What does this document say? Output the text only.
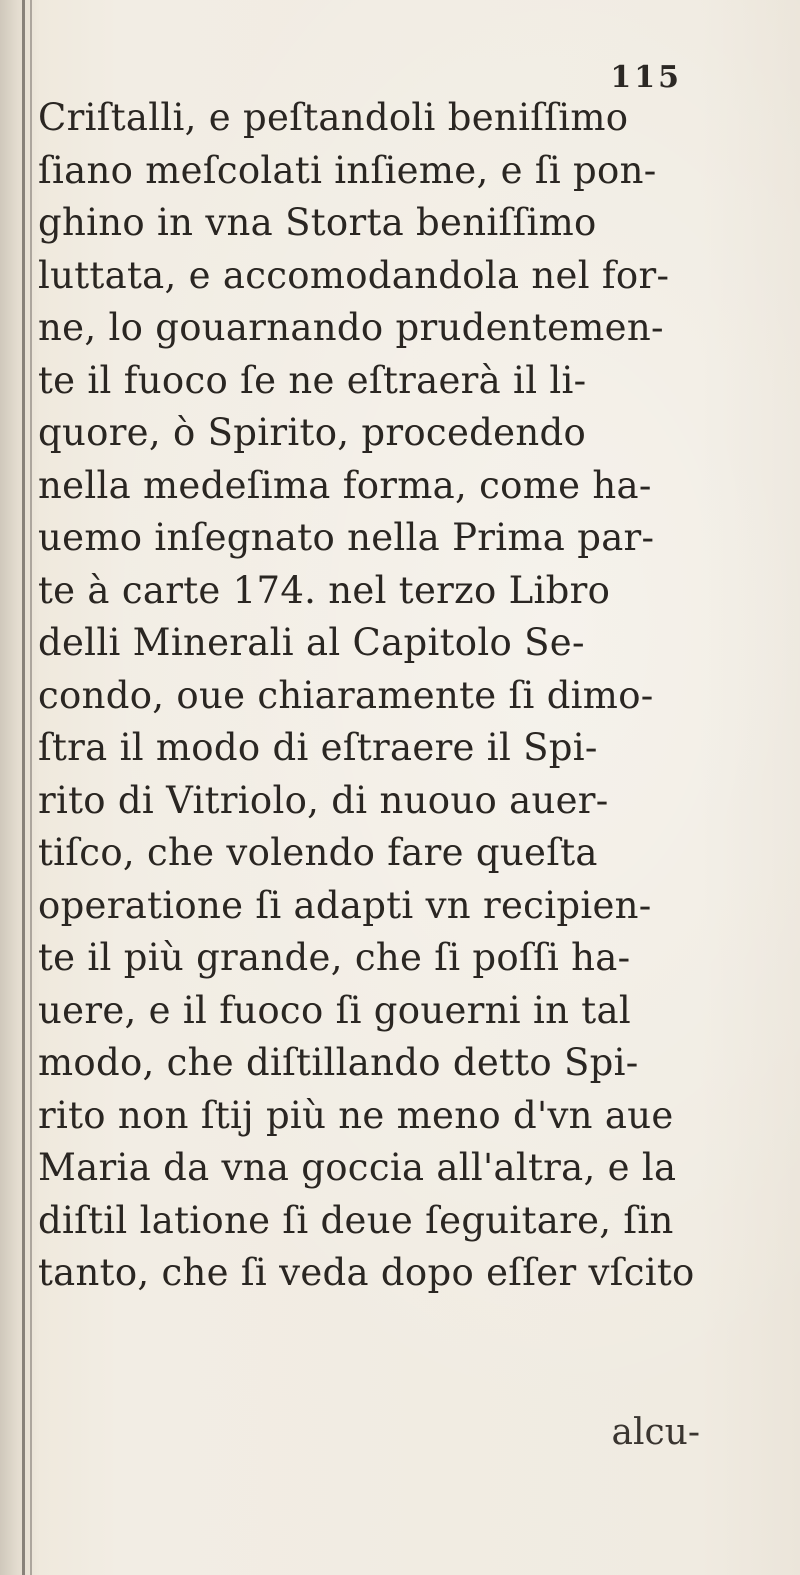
115
Criſtalli, e peſtandoli beniſſimo
ſiano meſcolati inſieme, e ſi pon-
ghino in vna Storta beniſſimo
luttata, e accomodandola nel for-
ne, lo gouarnando prudentemen-
te il fuoco ſe ne eſtraerà il li-
quore, ò Spirito, procedendo
nella medeſima forma, come ha-
uemo inſegnato nella Prima par-
te à carte 174. nel terzo Libro
delli Minerali al Capitolo Se-
condo, oue chiaramente ſi dimo-
ſtra il modo di eſtraere il Spi-
rito di Vitriolo, di nuouo auer-
tiſco, che volendo fare queſta
operatione ſi adapti vn recipien-
te il più grande, che ſi poſſi ha-
uere, e il fuoco ſi gouerni in tal
modo, che diſtillando detto Spi-
rito non ſtij più ne meno d'vn aue
Maria da vna goccia all'altra, e la
diſtil latione ſi deue ſeguitare, ſin
tanto, che ſi veda dopo eſſer vſcito
alcu-
